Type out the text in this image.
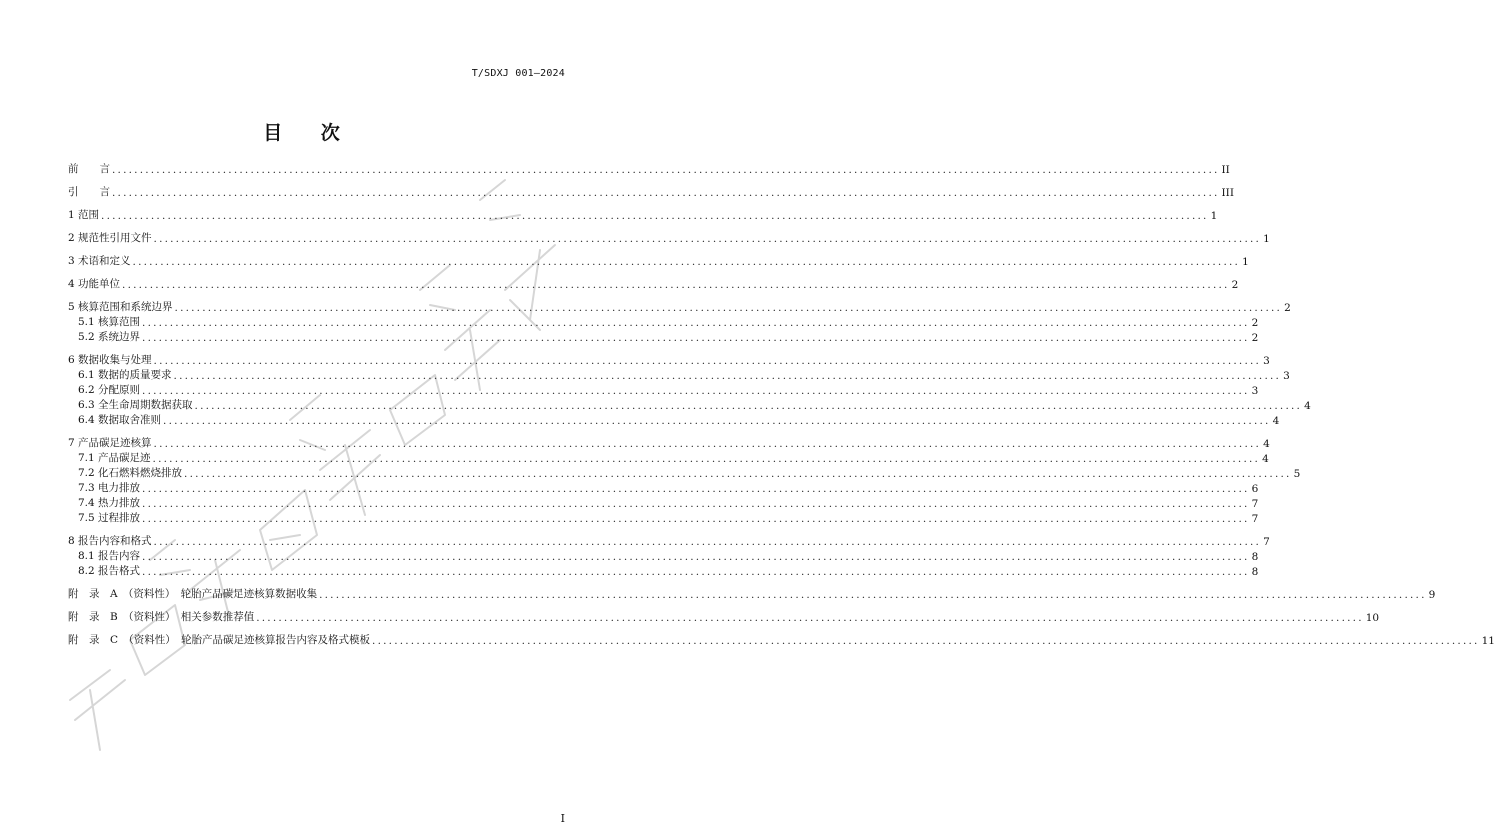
T/SDXJ 001—2024
目 次
前　　言 ........................................................................................................................................................................................................ II
引　　言 ........................................................................................................................................................................................................ III
1 范围 ........................................................................................................................................................................................................ 1
2 规范性引用文件 ........................................................................................................................................................................................................ 1
3 术语和定义 ........................................................................................................................................................................................................ 1
4 功能单位 ........................................................................................................................................................................................................ 2
5 核算范围和系统边界 ........................................................................................................................................................................................................ 2
5.1 核算范围 ........................................................................................................................................................................................................ 2
5.2 系统边界 ........................................................................................................................................................................................................ 2
6 数据收集与处理 ........................................................................................................................................................................................................ 3
6.1 数据的质量要求 ........................................................................................................................................................................................................ 3
6.2 分配原则 ........................................................................................................................................................................................................ 3
6.3 全生命周期数据获取 ........................................................................................................................................................................................................ 4
6.4 数据取舍准则 ........................................................................................................................................................................................................ 4
7 产品碳足迹核算 ........................................................................................................................................................................................................ 4
7.1 产品碳足迹 ........................................................................................................................................................................................................ 4
7.2 化石燃料燃烧排放 ........................................................................................................................................................................................................ 5
7.3 电力排放 ........................................................................................................................................................................................................ 6
7.4 热力排放 ........................................................................................................................................................................................................ 7
7.5 过程排放 ........................................................................................................................................................................................................ 7
8 报告内容和格式 ........................................................................................................................................................................................................ 7
8.1 报告内容 ........................................................................................................................................................................................................ 8
8.2 报告格式 ........................................................................................................................................................................................................ 8
附　录　A　（资料性）　轮胎产品碳足迹核算数据收集 ........................................................................................................................................................................................................ 9
附　录　B　（资料性）　相关参数推荐值 ........................................................................................................................................................................................................ 10
附　录　C　（资料性）　轮胎产品碳足迹核算报告内容及格式模板 ........................................................................................................................................................................................................ 11
I
